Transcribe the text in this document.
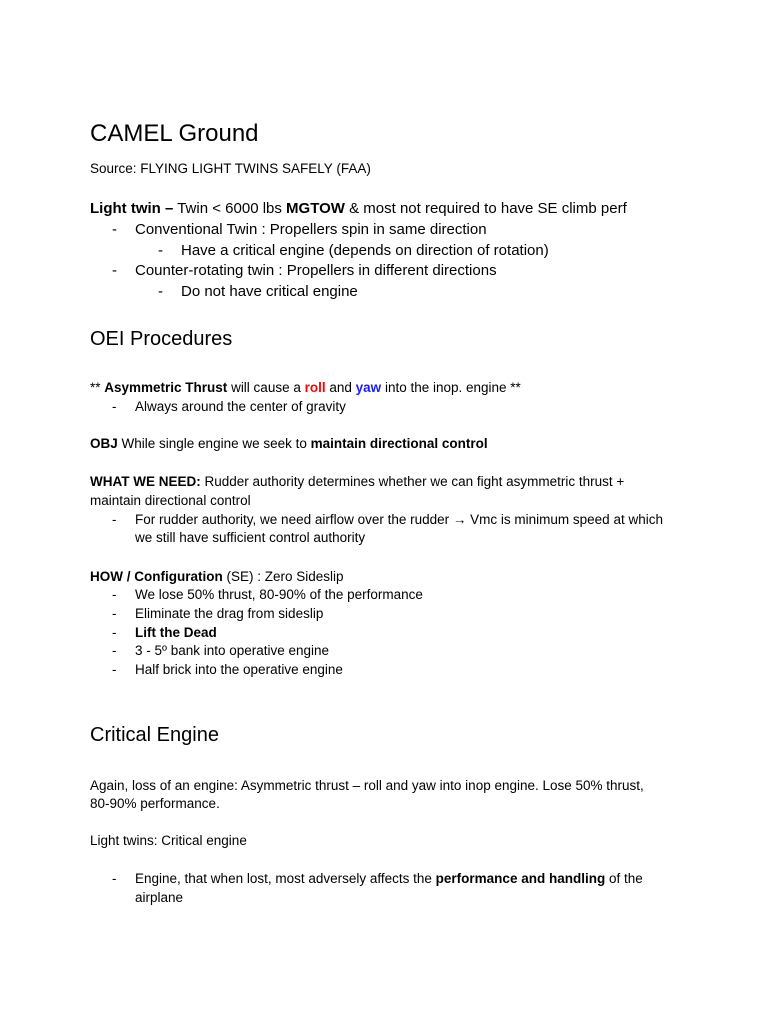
CAMEL Ground
Source: FLYING LIGHT TWINS SAFELY (FAA)
Light twin – Twin < 6000 lbs MGTOW & most not required to have SE climb perf
- Conventional Twin : Propellers spin in same direction
- Have a critical engine (depends on direction of rotation)
- Counter-rotating twin : Propellers in different directions
- Do not have critical engine
OEI Procedures
** Asymmetric Thrust will cause a roll and yaw into the inop. engine **
- Always around the center of gravity
OBJ While single engine we seek to maintain directional control
WHAT WE NEED: Rudder authority determines whether we can fight asymmetric thrust +
maintain directional control
- For rudder authority, we need airflow over the rudder → Vmc is minimum speed at which
we still have sufficient control authority
HOW / Configuration (SE) : Zero Sideslip
- We lose 50% thrust, 80-90% of the performance
- Eliminate the drag from sideslip
- Lift the Dead
- 3 - 5º bank into operative engine
- Half brick into the operative engine
Critical Engine
Again, loss of an engine: Asymmetric thrust – roll and yaw into inop engine. Lose 50% thrust,
80-90% performance.
Light twins: Critical engine
- Engine, that when lost, most adversely affects the performance and handling of the
airplane
